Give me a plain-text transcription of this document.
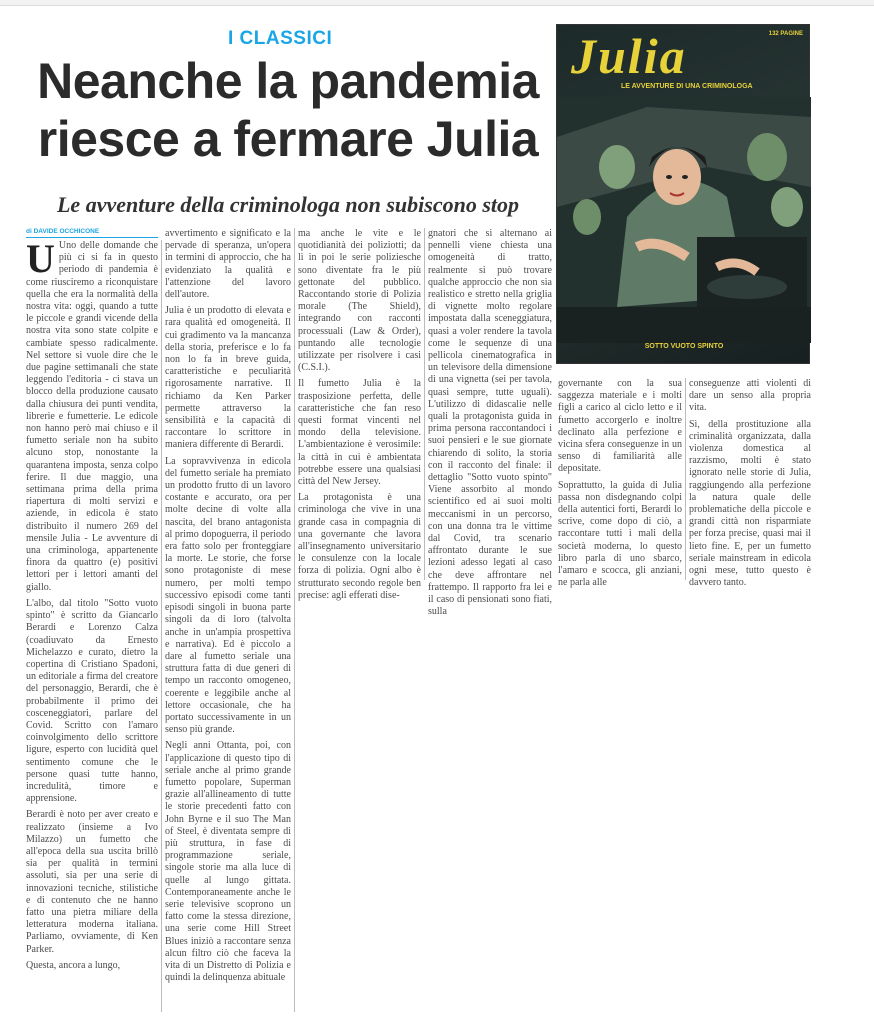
I CLASSICI
Neanche la pandemia riesce a fermare Julia
Le avventure della criminologa non subiscono stop
di DAVIDE OCCHICONE

U Uno delle domande che più ci si fa in questo periodo di pandemia è come riusciremo a riconquistare quella che era la normalità della nostra vita: oggi, quando a tutte le piccole e grandi vicende della nostra vita sono state colpite e cambiate spesso radicalmente. Nel settore si vuole dire che le due pagine settimanali che state leggendo l'editoria - ci stava un blocco della produzione causato dalla chiusura dei punti vendita, librerie e fumetterie. Le edicole non hanno però mai chiuso e il fumetto seriale non ha subito alcuno stop, nonostante la quarantena imposta, senza colpo ferire. Il due maggio, una settimana prima della prima riapertura di molti servizi e aziende, in edicola è stato distribuito il numero 269 del mensile Julia - Le avventure di una criminologa, appartenente finora da quattro (e) positivi lettori per i lettori amanti del giallo.

L'albo, dal titolo "Sotto vuoto spinto" è scritto da Giancarlo Berardi e Lorenzo Calza (coadiuvato da Ernesto Michelazzo e curato, dietro la copertina di Cristiano Spadoni, un editoriale a firma del creatore del personaggio, Berardi, che è probabilmente il primo dei cosceneggiatori, parlare del Covid. Scritto con l'amaro coinvolgimento dello scrittore ligure, esperto con lucidità quel sentimento comune che le persone quasi tutte hanno, incredulità, timore e apprensione.

Berardi è noto per aver creato e realizzato (insieme a Ivo Milazzo) un fumetto che all'epoca della sua uscita brillò sia per qualità in termini assoluti, sia per una serie di innovazioni tecniche, stilistiche e di contenuto che ne hanno fatto una pietra miliare della letteratura moderna italiana. Parliamo, ovviamente, di Ken Parker.

Questa, ancora a lungo,

avvertimento e significato e la pervade di speranza, un'opera in termini di approccio, che ha evidenziato la qualità e l'attenzione del lavoro dell'autore.

Julia è un prodotto di elevata e rara qualità ed omogeneità. Il cui gradimento va la mancanza della storia, preferisce e lo fa non lo fa in breve guida, caratteristiche e peculiarità rigorosamente narrative. Il richiamo da Ken Parker permette attraverso la sensibilità e la capacità di raccontare lo scrittore in maniera differente di Berardi.

La sopravvivenza in edicola del fumetto seriale ha premiato un prodotto frutto di un lavoro costante e accurato, ora per molte decine di volte alla nascita, del brano antagonista al primo dopoguerra, il periodo era fatto solo per fronteggiare la morte. Le storie, che forse sono protagoniste di mese numero, per molti tempo successivo episodi come tanti episodi singoli in buona parte singoli da di loro (talvolta anche in un'ampia prospettiva e narrativa). Ed è piccolo a dare al fumetto seriale una struttura fatta di due generi di tempo un racconto omogeneo, coerente e leggibile anche al lettore occasionale, che ha portato successivamente in un senso più grande.

Negli anni Ottanta, poi, con l'applicazione di questo tipo di seriale anche al primo grande fumetto popolare, Superman grazie all'allineamento di tutte le storie precedenti fatto con John Byrne e il suo The Man of Steel, è diventata sempre di più struttura, in fase di programmazione seriale, singole storie ma alla luce di quelle al lungo gittata. Contemporaneamente anche le serie televisive scoprono un fatto come la stessa direzione, una serie come Hill Street Blues iniziò a raccontare senza alcun filtro ciò che faceva la vita di un Distretto di Polizia e quindi la delinquenza abituale

ma anche le vite e le quotidianità dei poliziotti; da lì in poi le serie poliziesche sono diventate fra le più gettonate del pubblico. Raccontando storie di Polizia morale (The Shield), integrando con racconti processuali (Law & Order), puntando alle tecnologie utilizzate per risolvere i casi (C.S.I.).

Il fumetto Julia è la trasposizione perfetta, delle caratteristiche che fan reso questi format vincenti nel mondo della televisione. L'ambientazione è verosimile: la città in cui è ambientata potrebbe essere una qualsiasi città del New Jersey.

La protagonista è una criminologa che vive in una grande casa in compagnia di una governante che lavora all'insegnamento universitario le consulenze con la locale forza di polizia. Ogni albo è strutturato secondo regole ben precise: agli efferati dise-

gnatori che si alternano ai pennelli viene chiesta una omogeneità di tratto, realmente si può trovare qualche approccio che non sia realistico e stretto nella griglia di vignette molto regolare impostata dalla sceneggiatura, quasi a voler rendere la tavola come le sequenze di una pellicola cinematografica in un televisore della dimensione di una vignetta (sei per tavola, quasi sempre, tutte uguali). L'utilizzo di didascalie nelle quali la protagonista guida in prima persona raccontandoci i suoi pensieri e le sue giornate chiarendo di solito, la storia con il racconto del finale: il dettaglio "Sotto vuoto spinto" Viene assorbito al mondo scientifico ed ai suoi molti meccanismi in un percorso, con una donna tra le vittime dal Covid, tra scenario affrontato durante le sue lezioni adesso legati al caso che deve affrontare nel frattempo. Il rapporto fra lei e il caso di pensionati sono fiati, sulla

governante con la sua saggezza materiale e i molti figli a carico al ciclo letto e il fumetto accorgerlo e inoltre declinato alla perfezione e vicina sfera conseguenze in un senso di familiarità alle depositate.

Soprattutto, la guida di Julia passa non disdegnando colpi della autentici forti, Berardi lo scrive, come dopo di ciò, a raccontare tutti i mali della società moderna, lo questo libro parla di uno sbarco, l'amaro e scocca, gli anziani, ne parla alle

conseguenze atti violenti di dare un senso alla propria vita.

Sì, della prostituzione alla criminalità organizzata, dalla violenza domestica al razzismo, molti è stato ignorato nelle storie di Julia, raggiungendo alla perfezione la natura quale delle problematiche della piccole e grandi città non risparmiate per forza precise, quasi mai il lieto fine. E, per un fumetto seriale mainstream in edicola ogni mese, tutto questo è davvero tanto.

Julia
LE AVVENTURE DI UNA CRIMINOLOGA
132 PAGINE
SOTTO VUOTO SPINTO
